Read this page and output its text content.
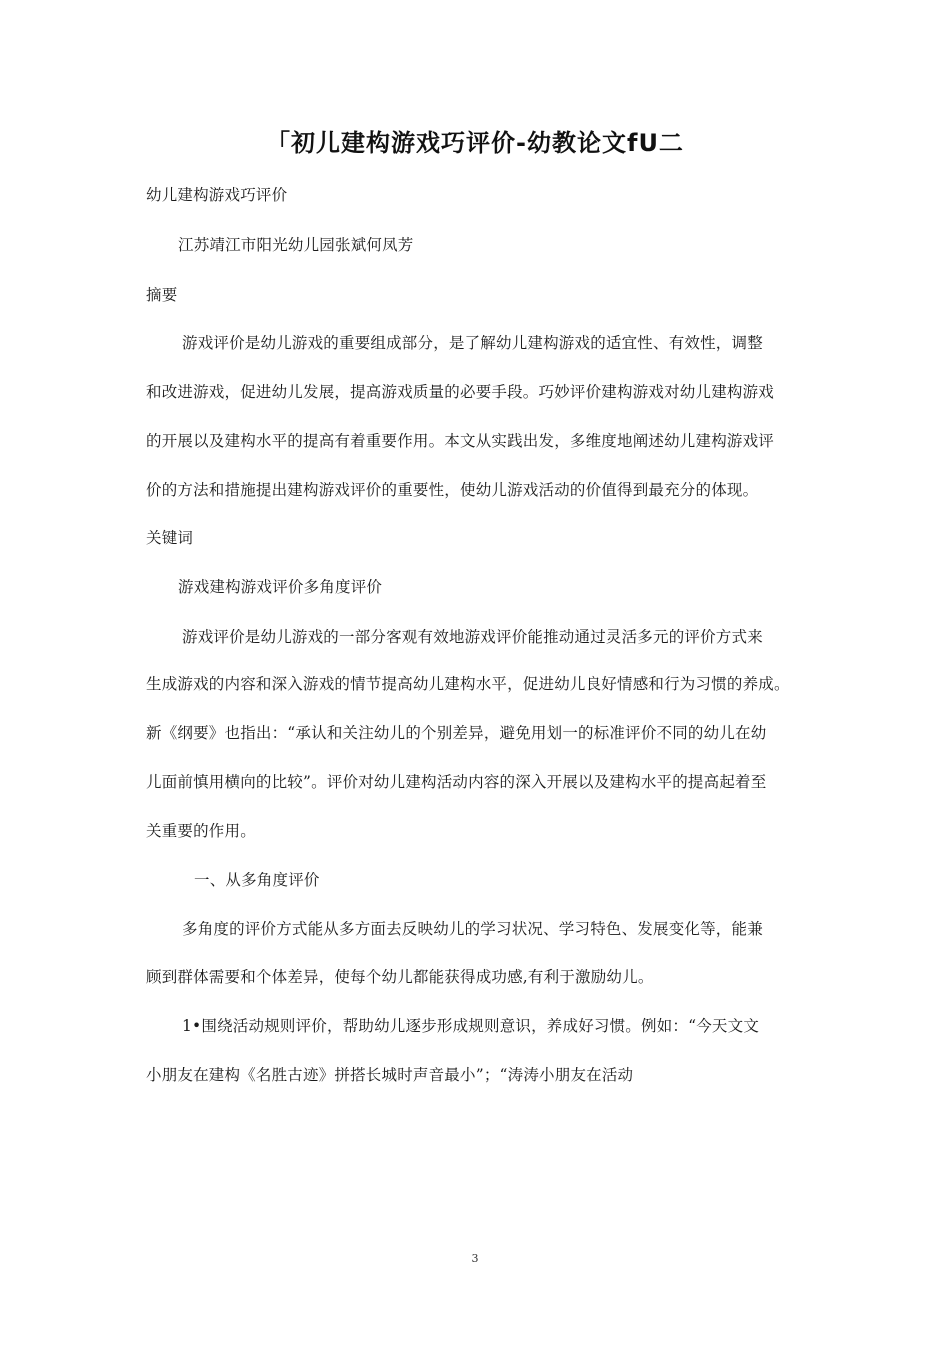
「初儿建构游戏巧评价-幼教论文fU二
幼儿建构游戏巧评价
江苏靖江市阳光幼儿园张斌何凤芳
摘要
游戏评价是幼儿游戏的重要组成部分，是了解幼儿建构游戏的适宜性、有效性，调整
和改进游戏，促进幼儿发展，提高游戏质量的必要手段。巧妙评价建构游戏对幼儿建构游戏
的开展以及建构水平的提高有着重要作用。本文从实践出发，多维度地阐述幼儿建构游戏评
价的方法和措施提出建构游戏评价的重要性，使幼儿游戏活动的价值得到最充分的体现。
关键词
游戏建构游戏评价多角度评价
游戏评价是幼儿游戏的一部分客观有效地游戏评价能推动通过灵活多元的评价方式来
生成游戏的内容和深入游戏的情节提高幼儿建构水平，促进幼儿良好情感和行为习惯的养成。
新《纲要》也指出：“承认和关注幼儿的个别差异，避免用划一的标准评价不同的幼儿在幼
儿面前慎用横向的比较”。评价对幼儿建构活动内容的深入开展以及建构水平的提高起着至
关重要的作用。
一、从多角度评价
多角度的评价方式能从多方面去反映幼儿的学习状况、学习特色、发展变化等，能兼
顾到群体需要和个体差异，使每个幼儿都能获得成功感,有利于激励幼儿。
1•围绕活动规则评价，帮助幼儿逐步形成规则意识，养成好习惯。例如：“今天文文
小朋友在建构《名胜古迹》拼搭长城时声音最小”；“涛涛小朋友在活动
3
